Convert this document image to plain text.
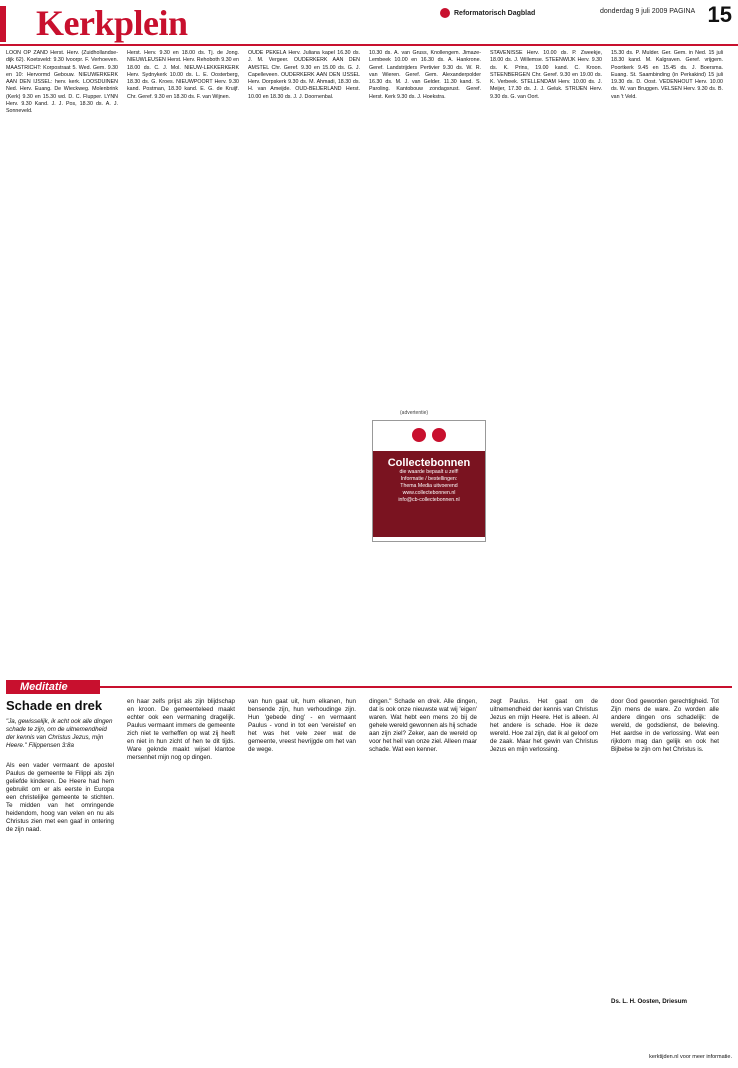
Kerkplein	Reformatorisch Dagblad	donderdag 9 juli 2009 PAGINA 15

LOON OP ZAND Herst. Herv. (Zuidhollandse-dijk 62). Koetsveld: 9.30 Ivoorpr. F. Verhoeven. MAASTRICHT: Korpostraat 5. Wed. Gem. 9.30 en 10: Hervormd Gebouw. NIEUWERKERK AAN DEN IJSSEL: herv. kerk. LOOSDUINEN Ned. Herv. Euang. De Wieckweg. Molenbrink (Kerk) 9.30 en 15.30 wd. D. C. Flupper. LYNN Herv. 9.30 Kand. J. J. Pos, 18.30 ds. A. J. Sonneveld.

Herst. Herv. 9.30 en 18.00 ds. Tj. de Jong. NIEUWLEUSEN Herst. Herv. Rehoboth 9.30 en 18.00 ds. C. J. Mol. NIEUW-LEKKERKERK Herv. Sydnykerk 10.00 ds. L. E. Oosterberg, 18.30 ds. G. Kroes. NIEUWPOORT Herv. 9.30 kand. Postman, 18.30 kand. E. G. de Kruijf. Chr. Geref. 9.30 en 18.30 ds. F. van Wijnen.

OUDE PEKELA Herv. Juliana kapel 16.30 ds. J. M. Vergeer. OUDERKERK AAN DEN AMSTEL Chr. Geref. 9.30 en 15.00 ds. G. J. Capelleveen. OUDERKERK AAN DEN IJSSEL Herv. Dorpskerk 9.30 ds. M. Ahmadi, 18.30 ds. H. van Ameijde. OUD-BEIJERLAND Herst. 10.00 en 18.30 ds. J. J. Doornenbal.

10.30 ds. A. van Gruss, Knollengem. Jimaze-Lembeek 10.00 en 16.30 ds. A. Hankrone. Geref. Landstrijders Pertivier 9.30 ds. W. R. van Wieren. Geref. Gem. Alexanderpolder 16.30 ds. M. J. van Gelder. 11.30 kand. S. Paroling. Kantobouw zondagsrust. Geref. Herst. Kerk 9.30 ds. J. Hoekstra.

STAVENISSE Herv. 10.00 ds. P. Zweekje, 18.00 ds. J. Willemse. STEENWIJK Herv. 9.30 ds. K. Prins, 19.00 kand. C. Kroon. STEENBERGEN Chr. Geref. 9.30 en 19.00 ds. K. Verbeek. STELLENDAM Herv. 10.00 ds. J. Meijer, 17.30 ds. J. J. Geluk. STRIJEN Herv. 9.30 ds. G. van Oort.

15.30 ds. P. Mulder. Ger. Gem. in Ned. 15 juli 18.30 kand. M. Kalgraven. Geref. vrijgem. Poortkerk 9.45 en 15.45 ds. J. Boersma. Euang. St. Saambinding (in Perkakind) 15 juli 19.30 ds. D. Oost. VEDENHOUT Herv. 10.00 ds. W. van Bruggen. VELSEN Herv. 9.30 ds. B. van 't Veld.

(advertentie)
Collectebonnen
die waarde bepaalt u zelf!
Informatie / bestellingen:
Thema Media uitvoerend
www.collectebonnen.nl
info@cb-collectebonnen.nl
Meditatie
Schade en drek
"Ja, gewisselijk, ik acht ook alle dingen schade te zijn, om de uitnemendheid der kennis van Christus Jezus, mijn Heere." Filippensen 3:8a
Als een vader vermaant de apostel Paulus de gemeente te Filippi als zijn geliefde kinderen. De Heere had hem gebruikt om er als eerste in Europa een christelijke gemeente te stichten. Te midden van het omringende heidendom, hoog van velen en nu als Christus zien met een gaaf in ontering de zijn naad.
en haar zelfs prijst als zijn blijdschap en kroon. De gemeenteleed maakt echter ook een vermaning dragelijk. Paulus vermaant immers de gemeente zich niet te verheffen op wat zij heeft en niet in hun zicht of hen te dit tijds. Ware geknde maakt wijsel klantoe mersenhet mijn nog op dingen.
van hun gaat uit, hum elkanen, hun bensende zijn, hun verhoudinge zijn. Hun 'gebede ding' - en vermaant Paulus - vond in tot een 'vereistel' en het was het vele zeer wat de gemeente, vreest hevrijgde om het van de wege.
dingen." Schade en drek. Alle dingen, dat is ook onze nieuwste wat wij 'eigen' waren. Wat hebt een mens zo bij de gehele wereld gewonnen als hij schade aan zijn ziel? Zeker, aan de wereld op voor het heil van onze ziel. Alleen maar schade. Wat een kenner.
zegt Paulus. Het gaat om de uitnemendheid der kennis van Christus Jezus en mijn Heere. Het is alleen. Al het andere is schade. Hoe ik deze wereld. Hoe zal zijn, dat ik al geloof om de zaak. Maar het gewin van Christus Jezus en mijn verlossing.
door God geworden gerechtigheid. Tot Zijn mens de ware. Zo worden alle andere dingen ons schadelijk: de wereld, de godsdienst, de beleving. Het aardse in de verlossing. Wat een rijkdom mag dan gelijk en ook het Bijbelse te zijn om het Christus is.
Ds. L. H. Oosten, Driesum
kerktijden.nl voor meer informatie.
